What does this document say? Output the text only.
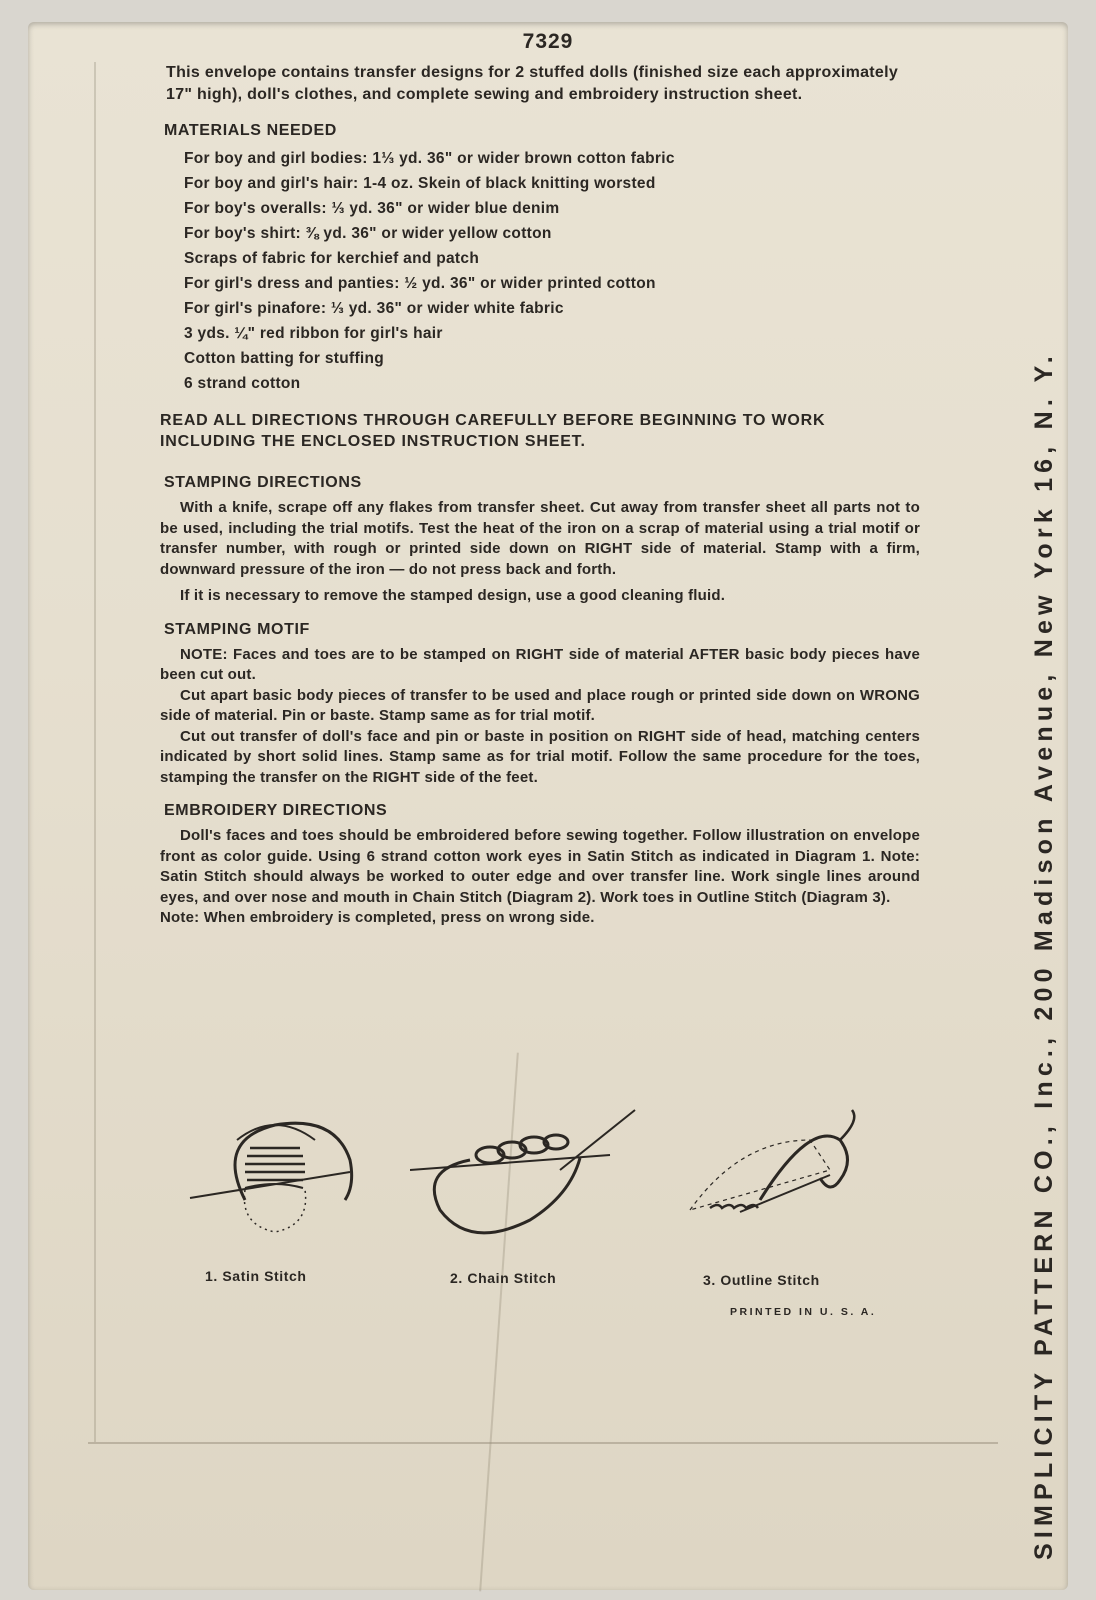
7329

This envelope contains transfer designs for 2 stuffed dolls (finished size each approximately 17" high), doll's clothes, and complete sewing and embroidery instruction sheet.

MATERIALS NEEDED
For boy and girl bodies: 1⅓ yd. 36" or wider brown cotton fabric
For boy and girl's hair: 1-4 oz. Skein of black knitting worsted
For boy's overalls: ⅓ yd. 36" or wider blue denim
For boy's shirt: ⅜ yd. 36" or wider yellow cotton
Scraps of fabric for kerchief and patch
For girl's dress and panties: ½ yd. 36" or wider printed cotton
For girl's pinafore: ⅓ yd. 36" or wider white fabric
3 yds. ¼" red ribbon for girl's hair
Cotton batting for stuffing
6 strand cotton

READ ALL DIRECTIONS THROUGH CAREFULLY BEFORE BEGINNING TO WORK INCLUDING THE ENCLOSED INSTRUCTION SHEET.

STAMPING DIRECTIONS

With a knife, scrape off any flakes from transfer sheet. Cut away from transfer sheet all parts not to be used, including the trial motifs. Test the heat of the iron on a scrap of material using a trial motif or transfer number, with rough or printed side down on RIGHT side of material. Stamp with a firm, downward pressure of the iron — do not press back and forth.

If it is necessary to remove the stamped design, use a good cleaning fluid.

STAMPING MOTIF

NOTE: Faces and toes are to be stamped on RIGHT side of material AFTER basic body pieces have been cut out.

Cut apart basic body pieces of transfer to be used and place rough or printed side down on WRONG side of material. Pin or baste. Stamp same as for trial motif.

Cut out transfer of doll's face and pin or baste in position on RIGHT side of head, matching centers indicated by short solid lines. Stamp same as for trial motif. Follow the same procedure for the toes, stamping the transfer on the RIGHT side of the feet.

EMBROIDERY DIRECTIONS

Doll's faces and toes should be embroidered before sewing together. Follow illustration on envelope front as color guide. Using 6 strand cotton work eyes in Satin Stitch as indicated in Diagram 1. Note: Satin Stitch should always be worked to outer edge and over transfer line. Work single lines around eyes, and over nose and mouth in Chain Stitch (Diagram 2). Work toes in Outline Stitch (Diagram 3).

Note: When embroidery is completed, press on wrong side.

1. Satin Stitch	2. Chain Stitch	3. Outline Stitch
PRINTED IN U. S. A.	SIMPLICITY PATTERN CO., Inc., 200 Madison Avenue, New York 16, N. Y.
